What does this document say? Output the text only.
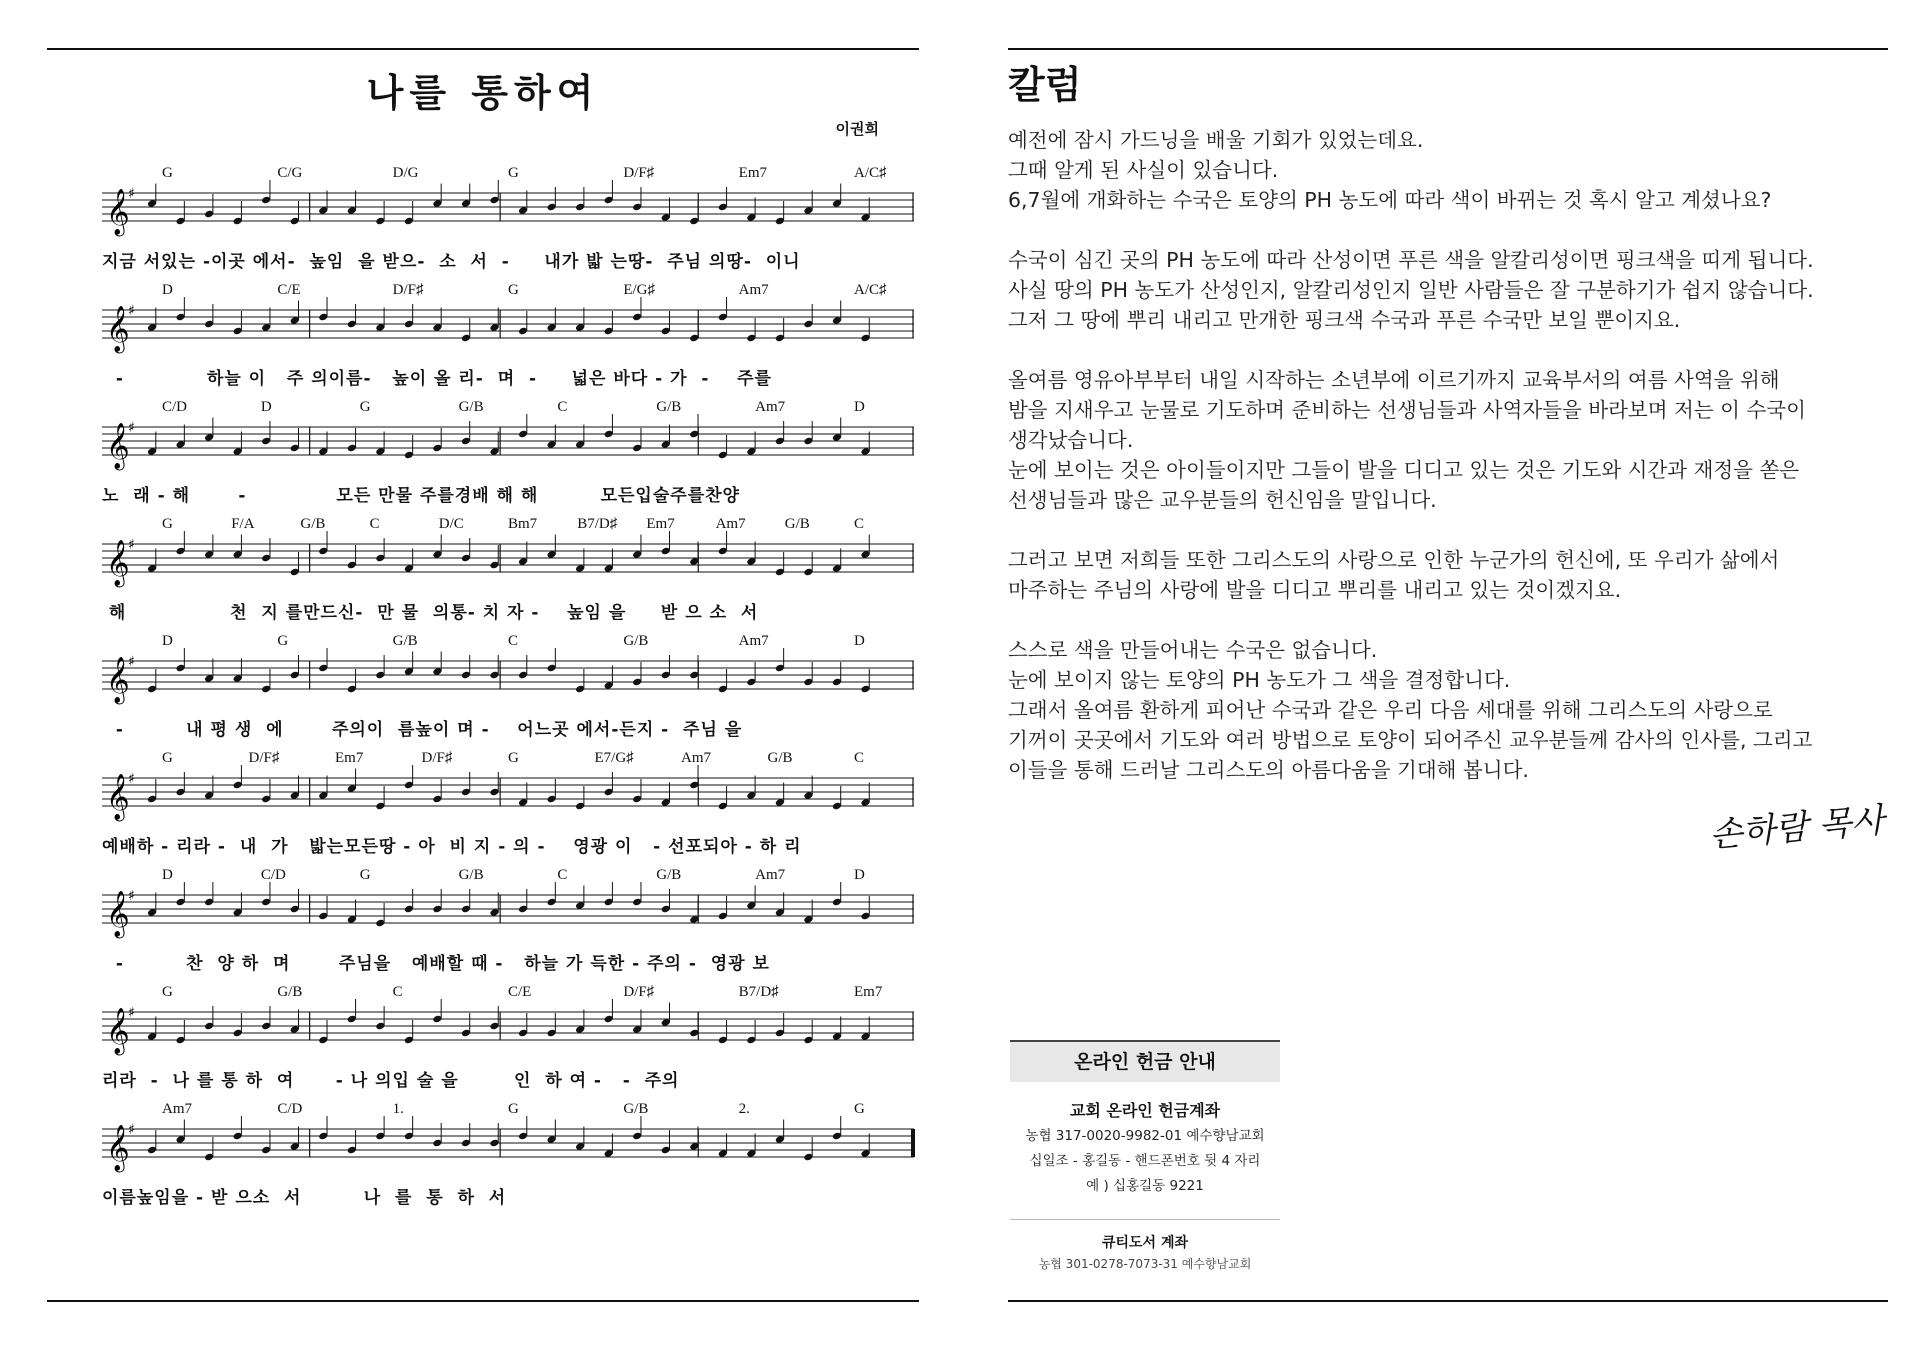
나를 통하여
이권희
G	C/G	D/G	G	D/F♯	Em7	A/C♯
𝄞
♯
지금 서있는 -이곳 에서-  높임  을 받으-  소  서  -     내가 밟 는땅-  주님 의땅-  이니
D	C/E	D/F♯	G	E/G♯	Am7	A/C♯
𝄞
♯
-            하늘 이   주 의이름-   높이 올 리-  며  -     넓은 바다 - 가  -    주를
C/D	D	G	G/B	C	G/B	Am7	D
𝄞
♯
노  래 - 해       -             모든 만물 주를경배 해 해         모든입술주를찬양
G	F/A	G/B	C	D/C	Bm7	B7/D♯ Em7	Am7	G/B	C
𝄞
♯
해               천  지 를만드신-  만 물  의통- 치 자 -    높임 을     받 으 소  서
D	G	G/B	C	G/B	Am7	D
𝄞
♯
-         내 평 생  에       주의이  름높이 며 -    어느곳 에서-든지 -  주님 을
G	D/F♯	Em7	D/F♯	G	E7/G♯	Am7	G/B	C
𝄞
♯
예배하 - 리라 -  내  가   밟는모든땅 - 아  비 지 - 의 -    영광 이   - 선포되아 - 하 리
D	C/D	G	G/B	C	G/B	Am7	D
𝄞
♯
-         찬  양 하  며       주님을   예배할 때 -   하늘 가 득한 - 주의 -  영광 보
G	G/B	C	C/E	D/F♯	B7/D♯	Em7
𝄞
♯
리라  -  나 를 통 하  여      - 나 의입 술 을        인  하 여 -   -  주의
Am7	C/D	1.	G	G/B	2.	G
𝄞
♯
이름높임을 - 받 으소  서         나  를  통  하  서
칼럼

예전에 잠시 가드닝을 배울 기회가 있었는데요.
그때 알게 된 사실이 있습니다.
6,7월에 개화하는 수국은 토양의 PH 농도에 따라 색이 바뀌는 것 혹시 알고 계셨나요?

수국이 심긴 곳의 PH 농도에 따라 산성이면 푸른 색을 알칼리성이면 핑크색을 띠게 됩니다.
사실 땅의 PH 농도가 산성인지, 알칼리성인지 일반 사람들은 잘 구분하기가 쉽지 않습니다.
그저 그 땅에 뿌리 내리고 만개한 핑크색 수국과 푸른 수국만 보일 뿐이지요.

올여름 영유아부부터 내일 시작하는 소년부에 이르기까지 교육부서의 여름 사역을 위해
밤을 지새우고 눈물로 기도하며 준비하는 선생님들과 사역자들을 바라보며 저는 이 수국이
생각났습니다.
눈에 보이는 것은 아이들이지만 그들이 발을 디디고 있는 것은 기도와 시간과 재정을 쏟은
선생님들과 많은 교우분들의 헌신임을 말입니다.

그러고 보면 저희들 또한 그리스도의 사랑으로 인한 누군가의 헌신에, 또 우리가 삶에서
마주하는 주님의 사랑에 발을 디디고 뿌리를 내리고 있는 것이겠지요.

스스로 색을 만들어내는 수국은 없습니다.
눈에 보이지 않는 토양의 PH 농도가 그 색을 결정합니다.
그래서 올여름 환하게 피어난 수국과 같은 우리 다음 세대를 위해 그리스도의 사랑으로
기꺼이 곳곳에서 기도와 여러 방법으로 토양이 되어주신 교우분들께 감사의 인사를, 그리고
이들을 통해 드러날 그리스도의 아름다움을 기대해 봅니다.

손하람 목사
온라인 헌금 안내
교회 온라인 헌금계좌
농협 317-0020-9982-01 예수향남교회
십일조 - 홍길동 - 핸드폰번호 뒷 4 자리
예 ) 십홍길동 9221
큐티도서 계좌
농협 301-0278-7073-31 예수향남교회
